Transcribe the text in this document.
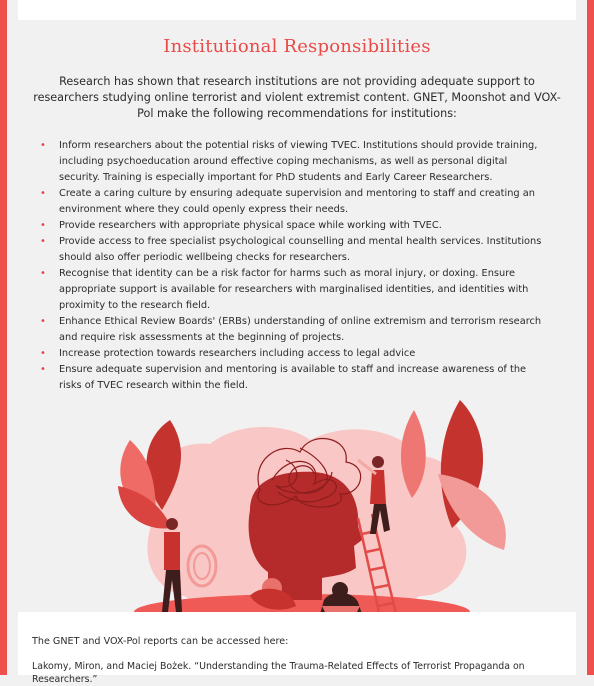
Institutional Responsibilities
Research has shown that research institutions are not providing adequate support to researchers studying online terrorist and violent extremist content. GNET, Moonshot and VOX-Pol make the following recommendations for institutions:
• Inform researchers about the potential risks of viewing TVEC. Institutions should provide training, including psychoeducation around effective coping mechanisms, as well as personal digital security. Training is especially important for PhD students and Early Career Researchers.
• Create a caring culture by ensuring adequate supervision and mentoring to staff and creating an environment where they could openly express their needs.
• Provide researchers with appropriate physical space while working with TVEC.
• Provide access to free specialist psychological counselling and mental health services. Institutions should also offer periodic wellbeing checks for researchers.
• Recognise that identity can be a risk factor for harms such as moral injury, or doxing. Ensure appropriate support is available for researchers with marginalised identities, and identities with proximity to the research field.
• Enhance Ethical Review Boards' (ERBs) understanding of online extremism and terrorism research and require risk assessments at the beginning of projects.
• Increase protection towards researchers including access to legal advice
• Ensure adequate supervision and mentoring is available to staff and increase awareness of the risks of TVEC research within the field.
The GNET and VOX-Pol reports can be accessed here:
Lakomy, Miron, and Maciej Bożek. “Understanding the Trauma-Related Effects of Terrorist Propaganda on Researchers.”
